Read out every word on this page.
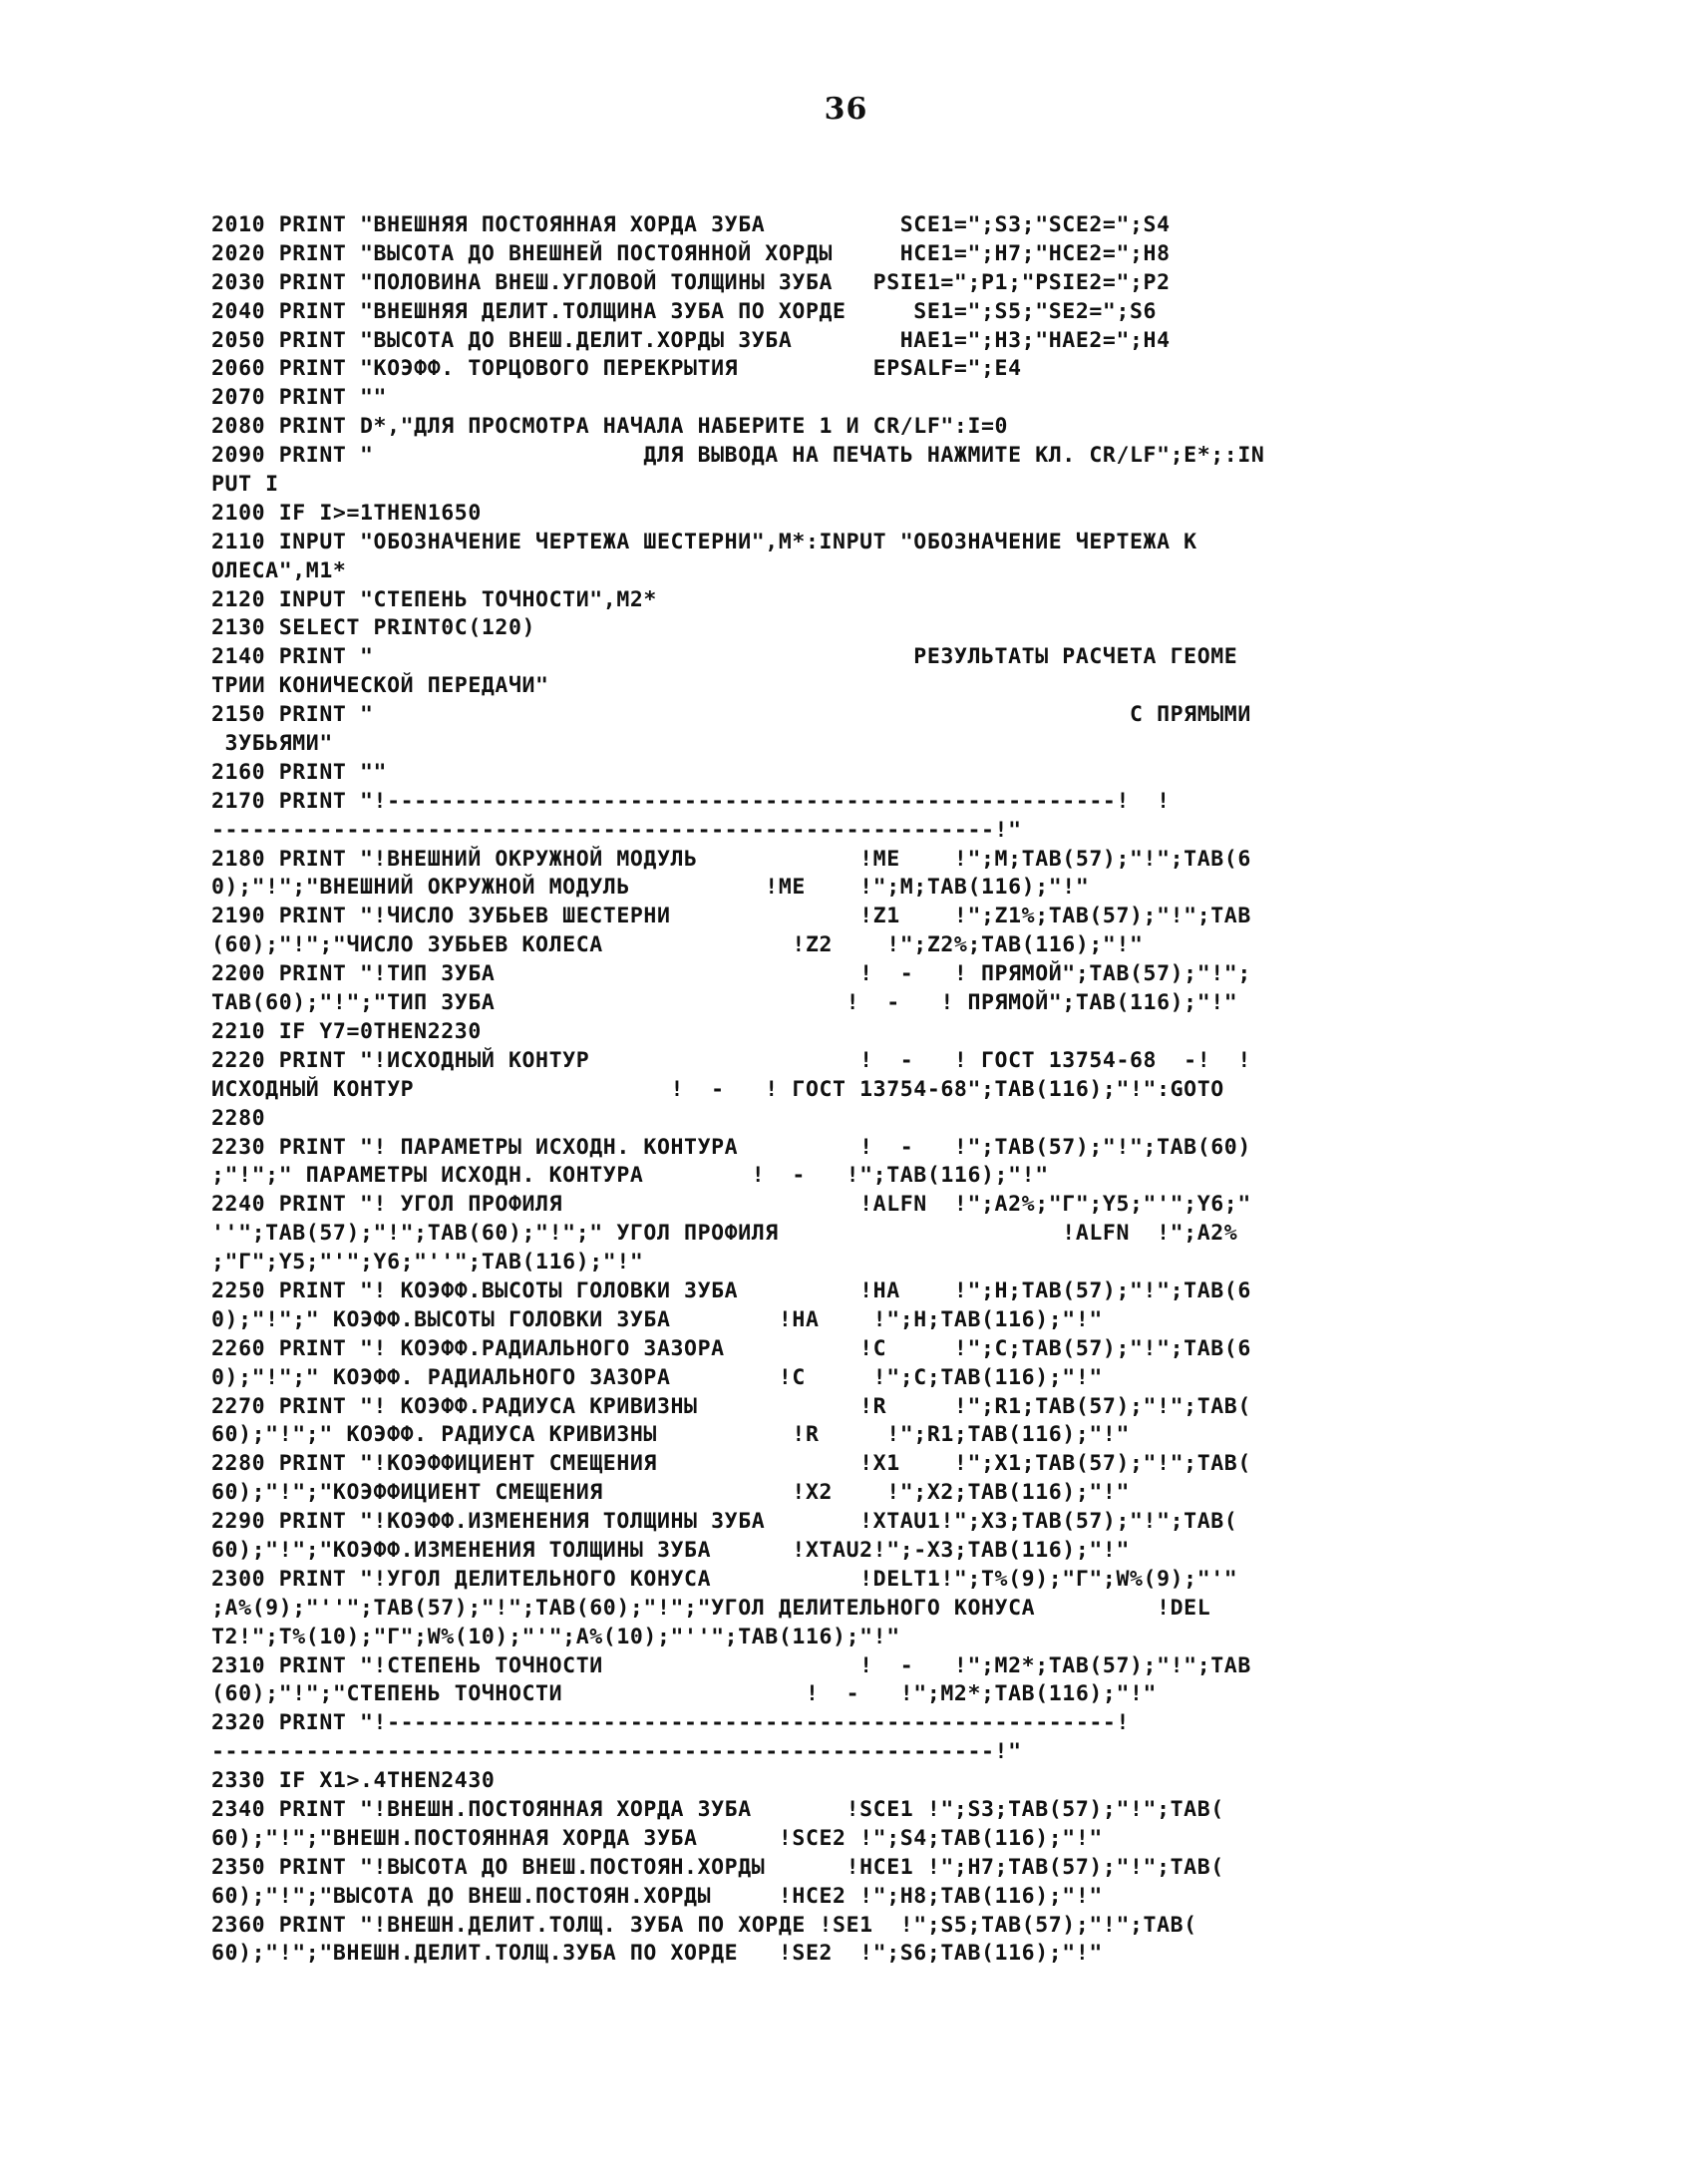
36
2010 PRINT "ВНЕШНЯЯ ПОСТОЯННАЯ ХОРДА ЗУБА          SCE1=";S3;"SCE2=";S4
2020 PRINT "ВЫСОТА ДО ВНЕШНЕЙ ПОСТОЯННОЙ ХОРДЫ     HCE1=";H7;"HCE2=";H8
2030 PRINT "ПОЛОВИНА ВНЕШ.УГЛОВОЙ ТОЛЩИНЫ ЗУБА   PSIE1=";P1;"PSIE2=";P2
2040 PRINT "ВНЕШНЯЯ ДЕЛИТ.ТОЛЩИНА ЗУБА ПО ХОРДЕ     SE1=";S5;"SE2=";S6
2050 PRINT "ВЫСОТА ДО ВНЕШ.ДЕЛИТ.ХОРДЫ ЗУБА        HAE1=";H3;"HAE2=";H4
2060 PRINT "КОЭФФ. ТОРЦОВОГО ПЕРЕКРЫТИЯ          EPSALF=";E4
2070 PRINT ""
2080 PRINT D*,"ДЛЯ ПРОСМОТРА НАЧАЛА НАБЕРИТЕ 1 И CR/LF":I=0
2090 PRINT "                    ДЛЯ ВЫВОДА НА ПЕЧАТЬ НАЖМИТЕ КЛ. CR/LF";E*;:IN
PUT I
2100 IF I>=1THEN1650
2110 INPUT "ОБОЗНАЧЕНИЕ ЧЕРТЕЖА ШЕСТЕРНИ",M*:INPUT "ОБОЗНАЧЕНИЕ ЧЕРТЕЖА К
ОЛЕСА",M1*
2120 INPUT "СТЕПЕНЬ ТОЧНОСТИ",M2*
2130 SELECT PRINT0C(120)
2140 PRINT "                                        РЕЗУЛЬТАТЫ РАСЧЕТА ГЕОМЕ
ТРИИ КОНИЧЕСКОЙ ПЕРЕДАЧИ"
2150 PRINT "                                                        С ПРЯМЫМИ
ЗУБЬЯМИ"
2160 PRINT ""
2170 PRINT "!------------------------------------------------------!  !
----------------------------------------------------------!"
2180 PRINT "!ВНЕШНИЙ ОКРУЖНОЙ МОДУЛЬ            !ME    !";M;TAB(57);"!";TAB(6
0);"!";"ВНЕШНИЙ ОКРУЖНОЙ МОДУЛЬ          !ME    !";M;TAB(116);"!"
2190 PRINT "!ЧИСЛО ЗУБЬЕВ ШЕСТЕРНИ              !Z1    !";Z1%;TAB(57);"!";TAB
(60);"!";"ЧИСЛО ЗУБЬЕВ КОЛЕСА              !Z2    !";Z2%;TAB(116);"!"
2200 PRINT "!ТИП ЗУБА                           !  -   ! ПРЯМОЙ";TAB(57);"!";
TAB(60);"!";"ТИП ЗУБА                          !  -   ! ПРЯМОЙ";TAB(116);"!"
2210 IF Y7=0THEN2230
2220 PRINT "!ИСХОДНЫЙ КОНТУР                    !  -   ! ГОСТ 13754-68  -!  !
ИСХОДНЫЙ КОНТУР                   !  -   ! ГОСТ 13754-68";TAB(116);"!":GOTO
2280
2230 PRINT "! ПАРАМЕТРЫ ИСХОДН. КОНТУРА         !  -   !";TAB(57);"!";TAB(60)
;"!";" ПАРАМЕТРЫ ИСХОДН. КОНТУРА        !  -   !";TAB(116);"!"
2240 PRINT "! УГОЛ ПРОФИЛЯ                      !ALFN  !";A2%;"Г";Y5;"'";Y6;"
''";TAB(57);"!";TAB(60);"!";" УГОЛ ПРОФИЛЯ                     !ALFN  !";A2%
;"Г";Y5;"'";Y6;"''";TAB(116);"!"
2250 PRINT "! КОЭФФ.ВЫСОТЫ ГОЛОВКИ ЗУБА         !HA    !";H;TAB(57);"!";TAB(6
0);"!";" КОЭФФ.ВЫСОТЫ ГОЛОВКИ ЗУБА        !HA    !";H;TAB(116);"!"
2260 PRINT "! КОЭФФ.РАДИАЛЬНОГО ЗАЗОРА          !C     !";C;TAB(57);"!";TAB(6
0);"!";" КОЭФФ. РАДИАЛЬНОГО ЗАЗОРА        !C     !";C;TAB(116);"!"
2270 PRINT "! КОЭФФ.РАДИУСА КРИВИЗНЫ            !R     !";R1;TAB(57);"!";TAB(
60);"!";" КОЭФФ. РАДИУСА КРИВИЗНЫ          !R     !";R1;TAB(116);"!"
2280 PRINT "!КОЭФФИЦИЕНТ СМЕЩЕНИЯ               !X1    !";X1;TAB(57);"!";TAB(
60);"!";"КОЭФФИЦИЕНТ СМЕЩЕНИЯ              !X2    !";X2;TAB(116);"!"
2290 PRINT "!КОЭФФ.ИЗМЕНЕНИЯ ТОЛЩИНЫ ЗУБА       !XTAU1!";X3;TAB(57);"!";TAB(
60);"!";"КОЭФФ.ИЗМЕНЕНИЯ ТОЛЩИНЫ ЗУБА      !XTAU2!";-X3;TAB(116);"!"
2300 PRINT "!УГОЛ ДЕЛИТЕЛЬНОГО КОНУСА           !DELT1!";T%(9);"Г";W%(9);"'"
;A%(9);"''";TAB(57);"!";TAB(60);"!";"УГОЛ ДЕЛИТЕЛЬНОГО КОНУСА         !DEL
T2!";T%(10);"Г";W%(10);"'";A%(10);"''";TAB(116);"!"
2310 PRINT "!СТЕПЕНЬ ТОЧНОСТИ                   !  -   !";M2*;TAB(57);"!";TAB
(60);"!";"СТЕПЕНЬ ТОЧНОСТИ                  !  -   !";M2*;TAB(116);"!"
2320 PRINT "!------------------------------------------------------!
----------------------------------------------------------!"
2330 IF X1>.4THEN2430
2340 PRINT "!ВНЕШН.ПОСТОЯННАЯ ХОРДА ЗУБА       !SCE1 !";S3;TAB(57);"!";TAB(
60);"!";"ВНЕШН.ПОСТОЯННАЯ ХОРДА ЗУБА      !SCE2 !";S4;TAB(116);"!"
2350 PRINT "!ВЫСОТА ДО ВНЕШ.ПОСТОЯН.ХОРДЫ      !HCE1 !";H7;TAB(57);"!";TAB(
60);"!";"ВЫСОТА ДО ВНЕШ.ПОСТОЯН.ХОРДЫ     !HCE2 !";H8;TAB(116);"!"
2360 PRINT "!ВНЕШН.ДЕЛИТ.ТОЛЩ. ЗУБА ПО ХОРДЕ !SE1  !";S5;TAB(57);"!";TAB(
60);"!";"ВНЕШН.ДЕЛИТ.ТОЛЩ.ЗУБА ПО ХОРДЕ   !SE2  !";S6;TAB(116);"!"
